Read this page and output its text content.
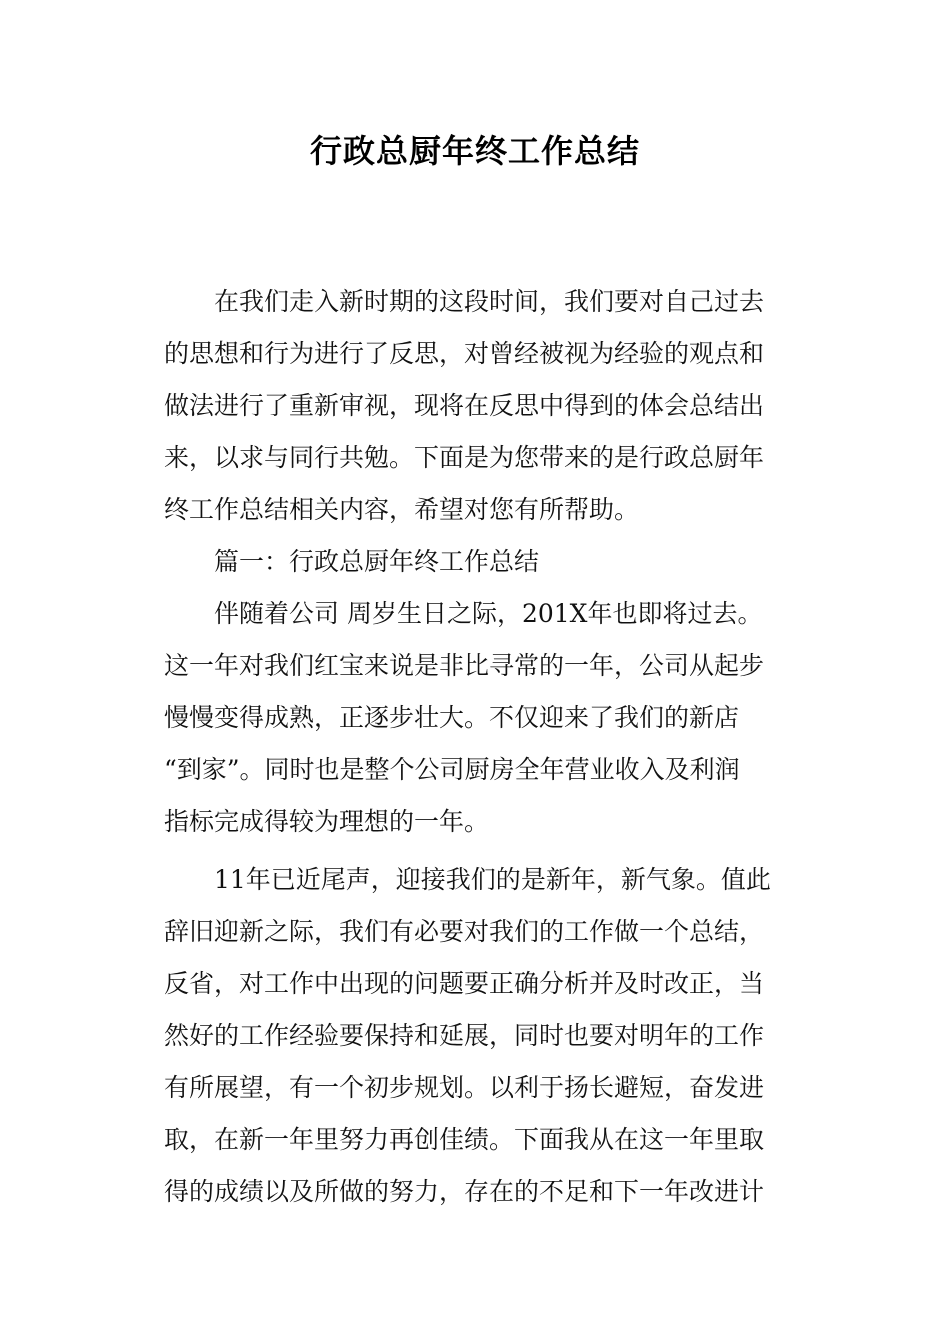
行政总厨年终工作总结
在我们走入新时期的这段时间，我们要对自己过去
的思想和行为进行了反思，对曾经被视为经验的观点和
做法进行了重新审视，现将在反思中得到的体会总结出
来，以求与同行共勉。下面是为您带来的是行政总厨年
终工作总结相关内容，希望对您有所帮助。
篇一：行政总厨年终工作总结
伴随着公司 周岁生日之际，201X年也即将过去。
这一年对我们红宝来说是非比寻常的一年，公司从起步
慢慢变得成熟，正逐步壮大。不仅迎来了我们的新店
“到家”。同时也是整个公司厨房全年营业收入及利润
指标完成得较为理想的一年。
11年已近尾声，迎接我们的是新年，新气象。值此
辞旧迎新之际，我们有必要对我们的工作做一个总结，
反省，对工作中出现的问题要正确分析并及时改正，当
然好的工作经验要保持和延展，同时也要对明年的工作
有所展望，有一个初步规划。以利于扬长避短，奋发进
取，在新一年里努力再创佳绩。下面我从在这一年里取
得的成绩以及所做的努力，存在的不足和下一年改进计
